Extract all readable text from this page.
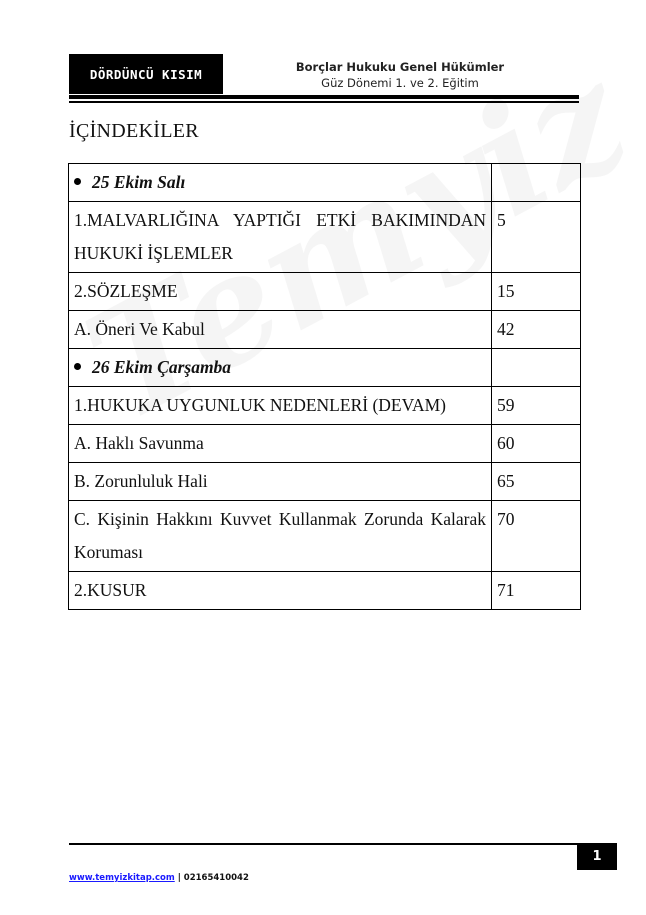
DÖRDÜNCÜ KISIM	Borçlar Hukuku Genel Hükümler
Güz Dönemi 1. ve 2. Eğitim
İÇİNDEKİLER
25 Ekim Salı	
1.MALVARLIĞINA YAPTIĞI ETKİ BAKIMINDAN HUKUKİ İŞLEMLER	5
2.SÖZLEŞME	15
A. Öneri Ve Kabul	42
26 Ekim Çarşamba	
1.HUKUKA UYGUNLUK NEDENLERİ (DEVAM)	59
A. Haklı Savunma	60
B. Zorunluluk Hali	65
C. Kişinin Hakkını Kuvvet Kullanmak Zorunda Kalarak Koruması	70
2.KUSUR	71
1
www.temyizkitap.com | 02165410042
